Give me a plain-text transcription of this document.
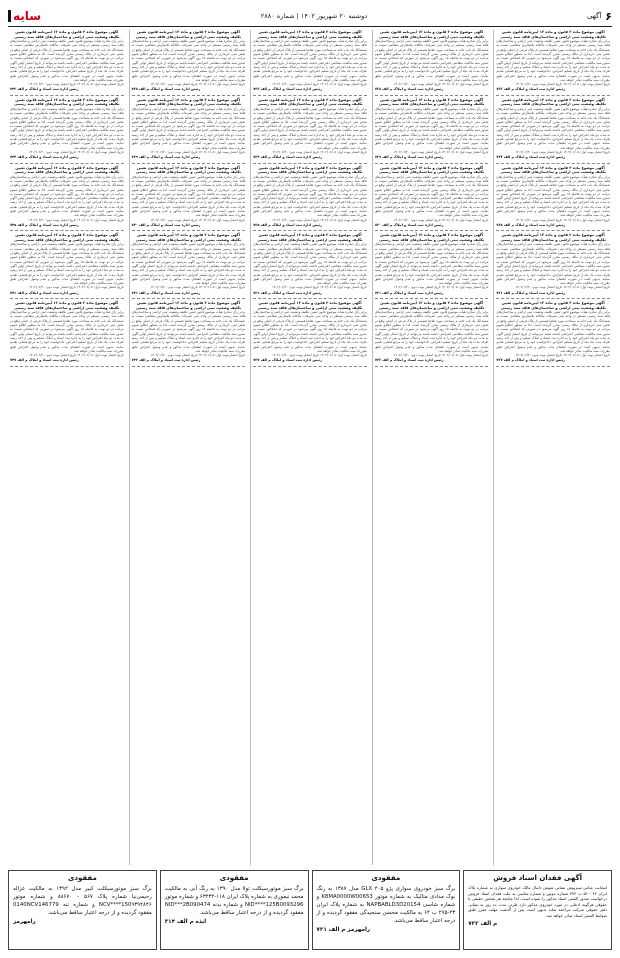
۶
آگهی
دوشنبه ۲۰ شهریور ۱۴۰۲ | شماره ۲۸۸۰
سایه
آگهی موضوع ماده ۳ قانون و ماده ۱۳ آیین‌نامه قانون تعیین تکلیف وضعیت ثبتی اراضی و ساختمان‌های فاقد سند رسمی
برابر رأی صادره هیأت موضوع قانون تعیین تکلیف وضعیت ثبتی اراضی و ساختمان‌های فاقد سند رسمی مستقر در واحد ثبتی تصرفات مالکانه بلامعارض متقاضی نسبت به ششدانگ یک باب خانه به مساحت مورد تقاضا قسمتی از پلاک فرعی از اصلی واقع در بخش ثبتی خریداری از مالک رسمی محرز گردیده است. لذا به منظور اطلاع عموم مراتب در دو نوبت به فاصله ۱۵ روز آگهی می‌شود در صورتی که اشخاص نسبت به صدور سند مالکیت متقاضی اعتراضی داشته باشند می‌توانند از تاریخ انتشار اولین آگهی به مدت دو ماه اعتراض خود را به اداره ثبت اسناد و املاک تسلیم و پس از اخذ رسید ظرف مدت یک ماه از تاریخ تسلیم اعتراض، دادخواست خود را به مرجع قضایی تقدیم نمایند. بدیهی است در صورت انقضای مدت مذکور و عدم وصول اعتراض طبق مقررات سند مالکیت صادر خواهد شد.
تاریخ انتشار نوبت اول: ۱۴۰۲/۰۶/۰۵ تاریخ انتشار نوبت دوم: ۱۴۰۲/۰۶/۲۰
رئیس اداره ثبت اسناد و املاک م الف ۷۲۳
آگهی موضوع ماده ۳ قانون و ماده ۱۳ آیین‌نامه قانون تعیین تکلیف وضعیت ثبتی اراضی و ساختمان‌های فاقد سند رسمی
برابر رأی صادره هیأت موضوع قانون تعیین تکلیف وضعیت ثبتی اراضی و ساختمان‌های فاقد سند رسمی مستقر در واحد ثبتی تصرفات مالکانه بلامعارض متقاضی نسبت به ششدانگ یک باب خانه به مساحت مورد تقاضا قسمتی از پلاک فرعی از اصلی واقع در بخش ثبتی خریداری از مالک رسمی محرز گردیده است. لذا به منظور اطلاع عموم مراتب در دو نوبت به فاصله ۱۵ روز آگهی می‌شود در صورتی که اشخاص نسبت به صدور سند مالکیت متقاضی اعتراضی داشته باشند می‌توانند از تاریخ انتشار اولین آگهی به مدت دو ماه اعتراض خود را به اداره ثبت اسناد و املاک تسلیم و پس از اخذ رسید ظرف مدت یک ماه از تاریخ تسلیم اعتراض، دادخواست خود را به مرجع قضایی تقدیم نمایند. بدیهی است در صورت انقضای مدت مذکور و عدم وصول اعتراض طبق مقررات سند مالکیت صادر خواهد شد.
تاریخ انتشار نوبت اول: ۱۴۰۲/۰۶/۰۵ تاریخ انتشار نوبت دوم: ۱۴۰۲/۰۶/۲۰
رئیس اداره ثبت اسناد و املاک م الف ۷۲۴
آگهی موضوع ماده ۳ قانون و ماده ۱۳ آیین‌نامه قانون تعیین تکلیف وضعیت ثبتی اراضی و ساختمان‌های فاقد سند رسمی
برابر رأی صادره هیأت موضوع قانون تعیین تکلیف وضعیت ثبتی اراضی و ساختمان‌های فاقد سند رسمی مستقر در واحد ثبتی تصرفات مالکانه بلامعارض متقاضی نسبت به ششدانگ یک باب خانه به مساحت مورد تقاضا قسمتی از پلاک فرعی از اصلی واقع در بخش ثبتی خریداری از مالک رسمی محرز گردیده است. لذا به منظور اطلاع عموم مراتب در دو نوبت به فاصله ۱۵ روز آگهی می‌شود در صورتی که اشخاص نسبت به صدور سند مالکیت متقاضی اعتراضی داشته باشند می‌توانند از تاریخ انتشار اولین آگهی به مدت دو ماه اعتراض خود را به اداره ثبت اسناد و املاک تسلیم و پس از اخذ رسید ظرف مدت یک ماه از تاریخ تسلیم اعتراض، دادخواست خود را به مرجع قضایی تقدیم نمایند. بدیهی است در صورت انقضای مدت مذکور و عدم وصول اعتراض طبق مقررات سند مالکیت صادر خواهد شد.
تاریخ انتشار نوبت اول: ۱۴۰۲/۰۶/۰۵ تاریخ انتشار نوبت دوم: ۱۴۰۲/۰۶/۲۰
رئیس اداره ثبت اسناد و املاک م الف ۷۲۵
آگهی موضوع ماده ۳ قانون و ماده ۱۳ آیین‌نامه قانون تعیین تکلیف وضعیت ثبتی اراضی و ساختمان‌های فاقد سند رسمی
برابر رأی صادره هیأت موضوع قانون تعیین تکلیف وضعیت ثبتی اراضی و ساختمان‌های فاقد سند رسمی مستقر در واحد ثبتی تصرفات مالکانه بلامعارض متقاضی نسبت به ششدانگ یک باب خانه به مساحت مورد تقاضا قسمتی از پلاک فرعی از اصلی واقع در بخش ثبتی خریداری از مالک رسمی محرز گردیده است. لذا به منظور اطلاع عموم مراتب در دو نوبت به فاصله ۱۵ روز آگهی می‌شود در صورتی که اشخاص نسبت به صدور سند مالکیت متقاضی اعتراضی داشته باشند می‌توانند از تاریخ انتشار اولین آگهی به مدت دو ماه اعتراض خود را به اداره ثبت اسناد و املاک تسلیم و پس از اخذ رسید ظرف مدت یک ماه از تاریخ تسلیم اعتراض، دادخواست خود را به مرجع قضایی تقدیم نمایند. بدیهی است در صورت انقضای مدت مذکور و عدم وصول اعتراض طبق مقررات سند مالکیت صادر خواهد شد.
تاریخ انتشار نوبت اول: ۱۴۰۲/۰۶/۰۵ تاریخ انتشار نوبت دوم: ۱۴۰۲/۰۶/۲۰
رئیس اداره ثبت اسناد و املاک م الف ۷۲۶
آگهی موضوع ماده ۳ قانون و ماده ۱۳ آیین‌نامه قانون تعیین تکلیف وضعیت ثبتی اراضی و ساختمان‌های فاقد سند رسمی
برابر رأی صادره هیأت موضوع قانون تعیین تکلیف وضعیت ثبتی اراضی و ساختمان‌های فاقد سند رسمی مستقر در واحد ثبتی تصرفات مالکانه بلامعارض متقاضی نسبت به ششدانگ یک باب خانه به مساحت مورد تقاضا قسمتی از پلاک فرعی از اصلی واقع در بخش ثبتی خریداری از مالک رسمی محرز گردیده است. لذا به منظور اطلاع عموم مراتب در دو نوبت به فاصله ۱۵ روز آگهی می‌شود در صورتی که اشخاص نسبت به صدور سند مالکیت متقاضی اعتراضی داشته باشند می‌توانند از تاریخ انتشار اولین آگهی به مدت دو ماه اعتراض خود را به اداره ثبت اسناد و املاک تسلیم و پس از اخذ رسید ظرف مدت یک ماه از تاریخ تسلیم اعتراض، دادخواست خود را به مرجع قضایی تقدیم نمایند. بدیهی است در صورت انقضای مدت مذکور و عدم وصول اعتراض طبق مقررات سند مالکیت صادر خواهد شد.
تاریخ انتشار نوبت اول: ۱۴۰۲/۰۶/۰۵ تاریخ انتشار نوبت دوم: ۱۴۰۲/۰۶/۲۰
رئیس اداره ثبت اسناد و املاک م الف ۷۲۷
آگهی موضوع ماده ۳ قانون و ماده ۱۳ آیین‌نامه قانون تعیین تکلیف وضعیت ثبتی اراضی و ساختمان‌های فاقد سند رسمی
برابر رأی صادره هیأت موضوع قانون تعیین تکلیف وضعیت ثبتی اراضی و ساختمان‌های فاقد سند رسمی مستقر در واحد ثبتی تصرفات مالکانه بلامعارض متقاضی نسبت به ششدانگ یک باب خانه به مساحت مورد تقاضا قسمتی از پلاک فرعی از اصلی واقع در بخش ثبتی خریداری از مالک رسمی محرز گردیده است. لذا به منظور اطلاع عموم مراتب در دو نوبت به فاصله ۱۵ روز آگهی می‌شود در صورتی که اشخاص نسبت به صدور سند مالکیت متقاضی اعتراضی داشته باشند می‌توانند از تاریخ انتشار اولین آگهی به مدت دو ماه اعتراض خود را به اداره ثبت اسناد و املاک تسلیم و پس از اخذ رسید ظرف مدت یک ماه از تاریخ تسلیم اعتراض، دادخواست خود را به مرجع قضایی تقدیم نمایند. بدیهی است در صورت انقضای مدت مذکور و عدم وصول اعتراض طبق مقررات سند مالکیت صادر خواهد شد.
تاریخ انتشار نوبت اول: ۱۴۰۲/۰۶/۰۵ تاریخ انتشار نوبت دوم: ۱۴۰۲/۰۶/۲۰
رئیس اداره ثبت اسناد و املاک م الف ۷۲۸
آگهی موضوع ماده ۳ قانون و ماده ۱۳ آیین‌نامه قانون تعیین تکلیف وضعیت ثبتی اراضی و ساختمان‌های فاقد سند رسمی
برابر رأی صادره هیأت موضوع قانون تعیین تکلیف وضعیت ثبتی اراضی و ساختمان‌های فاقد سند رسمی مستقر در واحد ثبتی تصرفات مالکانه بلامعارض متقاضی نسبت به ششدانگ یک باب خانه به مساحت مورد تقاضا قسمتی از پلاک فرعی از اصلی واقع در بخش ثبتی خریداری از مالک رسمی محرز گردیده است. لذا به منظور اطلاع عموم مراتب در دو نوبت به فاصله ۱۵ روز آگهی می‌شود در صورتی که اشخاص نسبت به صدور سند مالکیت متقاضی اعتراضی داشته باشند می‌توانند از تاریخ انتشار اولین آگهی به مدت دو ماه اعتراض خود را به اداره ثبت اسناد و املاک تسلیم و پس از اخذ رسید ظرف مدت یک ماه از تاریخ تسلیم اعتراض، دادخواست خود را به مرجع قضایی تقدیم نمایند. بدیهی است در صورت انقضای مدت مذکور و عدم وصول اعتراض طبق مقررات سند مالکیت صادر خواهد شد.
تاریخ انتشار نوبت اول: ۱۴۰۲/۰۶/۰۵ تاریخ انتشار نوبت دوم: ۱۴۰۲/۰۶/۲۰
رئیس اداره ثبت اسناد و املاک م الف ۷۲۹
آگهی موضوع ماده ۳ قانون و ماده ۱۳ آیین‌نامه قانون تعیین تکلیف وضعیت ثبتی اراضی و ساختمان‌های فاقد سند رسمی
برابر رأی صادره هیأت موضوع قانون تعیین تکلیف وضعیت ثبتی اراضی و ساختمان‌های فاقد سند رسمی مستقر در واحد ثبتی تصرفات مالکانه بلامعارض متقاضی نسبت به ششدانگ یک باب خانه به مساحت مورد تقاضا قسمتی از پلاک فرعی از اصلی واقع در بخش ثبتی خریداری از مالک رسمی محرز گردیده است. لذا به منظور اطلاع عموم مراتب در دو نوبت به فاصله ۱۵ روز آگهی می‌شود در صورتی که اشخاص نسبت به صدور سند مالکیت متقاضی اعتراضی داشته باشند می‌توانند از تاریخ انتشار اولین آگهی به مدت دو ماه اعتراض خود را به اداره ثبت اسناد و املاک تسلیم و پس از اخذ رسید ظرف مدت یک ماه از تاریخ تسلیم اعتراض، دادخواست خود را به مرجع قضایی تقدیم نمایند. بدیهی است در صورت انقضای مدت مذکور و عدم وصول اعتراض طبق مقررات سند مالکیت صادر خواهد شد.
تاریخ انتشار نوبت اول: ۱۴۰۲/۰۶/۰۵ تاریخ انتشار نوبت دوم: ۱۴۰۲/۰۶/۲۰
رئیس اداره ثبت اسناد و املاک م الف ۷۳۰
آگهی موضوع ماده ۳ قانون و ماده ۱۳ آیین‌نامه قانون تعیین تکلیف وضعیت ثبتی اراضی و ساختمان‌های فاقد سند رسمی
برابر رأی صادره هیأت موضوع قانون تعیین تکلیف وضعیت ثبتی اراضی و ساختمان‌های فاقد سند رسمی مستقر در واحد ثبتی تصرفات مالکانه بلامعارض متقاضی نسبت به ششدانگ یک باب خانه به مساحت مورد تقاضا قسمتی از پلاک فرعی از اصلی واقع در بخش ثبتی خریداری از مالک رسمی محرز گردیده است. لذا به منظور اطلاع عموم مراتب در دو نوبت به فاصله ۱۵ روز آگهی می‌شود در صورتی که اشخاص نسبت به صدور سند مالکیت متقاضی اعتراضی داشته باشند می‌توانند از تاریخ انتشار اولین آگهی به مدت دو ماه اعتراض خود را به اداره ثبت اسناد و املاک تسلیم و پس از اخذ رسید ظرف مدت یک ماه از تاریخ تسلیم اعتراض، دادخواست خود را به مرجع قضایی تقدیم نمایند. بدیهی است در صورت انقضای مدت مذکور و عدم وصول اعتراض طبق مقررات سند مالکیت صادر خواهد شد.
تاریخ انتشار نوبت اول: ۱۴۰۲/۰۶/۰۵ تاریخ انتشار نوبت دوم: ۱۴۰۲/۰۶/۲۰
رئیس اداره ثبت اسناد و املاک م الف ۷۳۱
آگهی موضوع ماده ۳ قانون و ماده ۱۳ آیین‌نامه قانون تعیین تکلیف وضعیت ثبتی اراضی و ساختمان‌های فاقد سند رسمی
برابر رأی صادره هیأت موضوع قانون تعیین تکلیف وضعیت ثبتی اراضی و ساختمان‌های فاقد سند رسمی مستقر در واحد ثبتی تصرفات مالکانه بلامعارض متقاضی نسبت به ششدانگ یک باب خانه به مساحت مورد تقاضا قسمتی از پلاک فرعی از اصلی واقع در بخش ثبتی خریداری از مالک رسمی محرز گردیده است. لذا به منظور اطلاع عموم مراتب در دو نوبت به فاصله ۱۵ روز آگهی می‌شود در صورتی که اشخاص نسبت به صدور سند مالکیت متقاضی اعتراضی داشته باشند می‌توانند از تاریخ انتشار اولین آگهی به مدت دو ماه اعتراض خود را به اداره ثبت اسناد و املاک تسلیم و پس از اخذ رسید ظرف مدت یک ماه از تاریخ تسلیم اعتراض، دادخواست خود را به مرجع قضایی تقدیم نمایند. بدیهی است در صورت انقضای مدت مذکور و عدم وصول اعتراض طبق مقررات سند مالکیت صادر خواهد شد.
تاریخ انتشار نوبت اول: ۱۴۰۲/۰۶/۰۵ تاریخ انتشار نوبت دوم: ۱۴۰۲/۰۶/۲۰
رئیس اداره ثبت اسناد و املاک م الف ۷۳۲
آگهی موضوع ماده ۳ قانون و ماده ۱۳ آیین‌نامه قانون تعیین تکلیف وضعیت ثبتی اراضی و ساختمان‌های فاقد سند رسمی
برابر رأی صادره هیأت موضوع قانون تعیین تکلیف وضعیت ثبتی اراضی و ساختمان‌های فاقد سند رسمی مستقر در واحد ثبتی تصرفات مالکانه بلامعارض متقاضی نسبت به ششدانگ یک باب خانه به مساحت مورد تقاضا قسمتی از پلاک فرعی از اصلی واقع در بخش ثبتی خریداری از مالک رسمی محرز گردیده است. لذا به منظور اطلاع عموم مراتب در دو نوبت به فاصله ۱۵ روز آگهی می‌شود در صورتی که اشخاص نسبت به صدور سند مالکیت متقاضی اعتراضی داشته باشند می‌توانند از تاریخ انتشار اولین آگهی به مدت دو ماه اعتراض خود را به اداره ثبت اسناد و املاک تسلیم و پس از اخذ رسید ظرف مدت یک ماه از تاریخ تسلیم اعتراض، دادخواست خود را به مرجع قضایی تقدیم نمایند. بدیهی است در صورت انقضای مدت مذکور و عدم وصول اعتراض طبق مقررات سند مالکیت صادر خواهد شد.
تاریخ انتشار نوبت اول: ۱۴۰۲/۰۶/۰۵ تاریخ انتشار نوبت دوم: ۱۴۰۲/۰۶/۲۰
رئیس اداره ثبت اسناد و املاک م الف ۷۳۳
آگهی موضوع ماده ۳ قانون و ماده ۱۳ آیین‌نامه قانون تعیین تکلیف وضعیت ثبتی اراضی و ساختمان‌های فاقد سند رسمی
برابر رأی صادره هیأت موضوع قانون تعیین تکلیف وضعیت ثبتی اراضی و ساختمان‌های فاقد سند رسمی مستقر در واحد ثبتی تصرفات مالکانه بلامعارض متقاضی نسبت به ششدانگ یک باب خانه به مساحت مورد تقاضا قسمتی از پلاک فرعی از اصلی واقع در بخش ثبتی خریداری از مالک رسمی محرز گردیده است. لذا به منظور اطلاع عموم مراتب در دو نوبت به فاصله ۱۵ روز آگهی می‌شود در صورتی که اشخاص نسبت به صدور سند مالکیت متقاضی اعتراضی داشته باشند می‌توانند از تاریخ انتشار اولین آگهی به مدت دو ماه اعتراض خود را به اداره ثبت اسناد و املاک تسلیم و پس از اخذ رسید ظرف مدت یک ماه از تاریخ تسلیم اعتراض، دادخواست خود را به مرجع قضایی تقدیم نمایند. بدیهی است در صورت انقضای مدت مذکور و عدم وصول اعتراض طبق مقررات سند مالکیت صادر خواهد شد.
تاریخ انتشار نوبت اول: ۱۴۰۲/۰۶/۰۵ تاریخ انتشار نوبت دوم: ۱۴۰۲/۰۶/۲۰
رئیس اداره ثبت اسناد و املاک م الف ۷۳۴
آگهی موضوع ماده ۳ قانون و ماده ۱۳ آیین‌نامه قانون تعیین تکلیف وضعیت ثبتی اراضی و ساختمان‌های فاقد سند رسمی
برابر رأی صادره هیأت موضوع قانون تعیین تکلیف وضعیت ثبتی اراضی و ساختمان‌های فاقد سند رسمی مستقر در واحد ثبتی تصرفات مالکانه بلامعارض متقاضی نسبت به ششدانگ یک باب خانه به مساحت مورد تقاضا قسمتی از پلاک فرعی از اصلی واقع در بخش ثبتی خریداری از مالک رسمی محرز گردیده است. لذا به منظور اطلاع عموم مراتب در دو نوبت به فاصله ۱۵ روز آگهی می‌شود در صورتی که اشخاص نسبت به صدور سند مالکیت متقاضی اعتراضی داشته باشند می‌توانند از تاریخ انتشار اولین آگهی به مدت دو ماه اعتراض خود را به اداره ثبت اسناد و املاک تسلیم و پس از اخذ رسید ظرف مدت یک ماه از تاریخ تسلیم اعتراض، دادخواست خود را به مرجع قضایی تقدیم نمایند. بدیهی است در صورت انقضای مدت مذکور و عدم وصول اعتراض طبق مقررات سند مالکیت صادر خواهد شد.
تاریخ انتشار نوبت اول: ۱۴۰۲/۰۶/۰۵ تاریخ انتشار نوبت دوم: ۱۴۰۲/۰۶/۲۰
رئیس اداره ثبت اسناد و املاک م الف ۷۳۵
آگهی موضوع ماده ۳ قانون و ماده ۱۳ آیین‌نامه قانون تعیین تکلیف وضعیت ثبتی اراضی و ساختمان‌های فاقد سند رسمی
برابر رأی صادره هیأت موضوع قانون تعیین تکلیف وضعیت ثبتی اراضی و ساختمان‌های فاقد سند رسمی مستقر در واحد ثبتی تصرفات مالکانه بلامعارض متقاضی نسبت به ششدانگ یک باب خانه به مساحت مورد تقاضا قسمتی از پلاک فرعی از اصلی واقع در بخش ثبتی خریداری از مالک رسمی محرز گردیده است. لذا به منظور اطلاع عموم مراتب در دو نوبت به فاصله ۱۵ روز آگهی می‌شود در صورتی که اشخاص نسبت به صدور سند مالکیت متقاضی اعتراضی داشته باشند می‌توانند از تاریخ انتشار اولین آگهی به مدت دو ماه اعتراض خود را به اداره ثبت اسناد و املاک تسلیم و پس از اخذ رسید ظرف مدت یک ماه از تاریخ تسلیم اعتراض، دادخواست خود را به مرجع قضایی تقدیم نمایند. بدیهی است در صورت انقضای مدت مذکور و عدم وصول اعتراض طبق مقررات سند مالکیت صادر خواهد شد.
تاریخ انتشار نوبت اول: ۱۴۰۲/۰۶/۰۵ تاریخ انتشار نوبت دوم: ۱۴۰۲/۰۶/۲۰
رئیس اداره ثبت اسناد و املاک م الف ۷۳۶
آگهی موضوع ماده ۳ قانون و ماده ۱۳ آیین‌نامه قانون تعیین تکلیف وضعیت ثبتی اراضی و ساختمان‌های فاقد سند رسمی
برابر رأی صادره هیأت موضوع قانون تعیین تکلیف وضعیت ثبتی اراضی و ساختمان‌های فاقد سند رسمی مستقر در واحد ثبتی تصرفات مالکانه بلامعارض متقاضی نسبت به ششدانگ یک باب خانه به مساحت مورد تقاضا قسمتی از پلاک فرعی از اصلی واقع در بخش ثبتی خریداری از مالک رسمی محرز گردیده است. لذا به منظور اطلاع عموم مراتب در دو نوبت به فاصله ۱۵ روز آگهی می‌شود در صورتی که اشخاص نسبت به صدور سند مالکیت متقاضی اعتراضی داشته باشند می‌توانند از تاریخ انتشار اولین آگهی به مدت دو ماه اعتراض خود را به اداره ثبت اسناد و املاک تسلیم و پس از اخذ رسید ظرف مدت یک ماه از تاریخ تسلیم اعتراض، دادخواست خود را به مرجع قضایی تقدیم نمایند. بدیهی است در صورت انقضای مدت مذکور و عدم وصول اعتراض طبق مقررات سند مالکیت صادر خواهد شد.
تاریخ انتشار نوبت اول: ۱۴۰۲/۰۶/۰۵ تاریخ انتشار نوبت دوم: ۱۴۰۲/۰۶/۲۰
رئیس اداره ثبت اسناد و املاک م الف ۷۳۷
آگهی موضوع ماده ۳ قانون و ماده ۱۳ آیین‌نامه قانون تعیین تکلیف وضعیت ثبتی اراضی و ساختمان‌های فاقد سند رسمی
برابر رأی صادره هیأت موضوع قانون تعیین تکلیف وضعیت ثبتی اراضی و ساختمان‌های فاقد سند رسمی مستقر در واحد ثبتی تصرفات مالکانه بلامعارض متقاضی نسبت به ششدانگ یک باب خانه به مساحت مورد تقاضا قسمتی از پلاک فرعی از اصلی واقع در بخش ثبتی خریداری از مالک رسمی محرز گردیده است. لذا به منظور اطلاع عموم مراتب در دو نوبت به فاصله ۱۵ روز آگهی می‌شود در صورتی که اشخاص نسبت به صدور سند مالکیت متقاضی اعتراضی داشته باشند می‌توانند از تاریخ انتشار اولین آگهی به مدت دو ماه اعتراض خود را به اداره ثبت اسناد و املاک تسلیم و پس از اخذ رسید ظرف مدت یک ماه از تاریخ تسلیم اعتراض، دادخواست خود را به مرجع قضایی تقدیم نمایند. بدیهی است در صورت انقضای مدت مذکور و عدم وصول اعتراض طبق مقررات سند مالکیت صادر خواهد شد.
تاریخ انتشار نوبت اول: ۱۴۰۲/۰۶/۰۵ تاریخ انتشار نوبت دوم: ۱۴۰۲/۰۶/۲۰
رئیس اداره ثبت اسناد و املاک م الف ۷۳۸
آگهی موضوع ماده ۳ قانون و ماده ۱۳ آیین‌نامه قانون تعیین تکلیف وضعیت ثبتی اراضی و ساختمان‌های فاقد سند رسمی
برابر رأی صادره هیأت موضوع قانون تعیین تکلیف وضعیت ثبتی اراضی و ساختمان‌های فاقد سند رسمی مستقر در واحد ثبتی تصرفات مالکانه بلامعارض متقاضی نسبت به ششدانگ یک باب خانه به مساحت مورد تقاضا قسمتی از پلاک فرعی از اصلی واقع در بخش ثبتی خریداری از مالک رسمی محرز گردیده است. لذا به منظور اطلاع عموم مراتب در دو نوبت به فاصله ۱۵ روز آگهی می‌شود در صورتی که اشخاص نسبت به صدور سند مالکیت متقاضی اعتراضی داشته باشند می‌توانند از تاریخ انتشار اولین آگهی به مدت دو ماه اعتراض خود را به اداره ثبت اسناد و املاک تسلیم و پس از اخذ رسید ظرف مدت یک ماه از تاریخ تسلیم اعتراض، دادخواست خود را به مرجع قضایی تقدیم نمایند. بدیهی است در صورت انقضای مدت مذکور و عدم وصول اعتراض طبق مقررات سند مالکیت صادر خواهد شد.
تاریخ انتشار نوبت اول: ۱۴۰۲/۰۶/۰۵ تاریخ انتشار نوبت دوم: ۱۴۰۲/۰۶/۲۰
رئیس اداره ثبت اسناد و املاک م الف ۷۳۹
آگهی موضوع ماده ۳ قانون و ماده ۱۳ آیین‌نامه قانون تعیین تکلیف وضعیت ثبتی اراضی و ساختمان‌های فاقد سند رسمی
برابر رأی صادره هیأت موضوع قانون تعیین تکلیف وضعیت ثبتی اراضی و ساختمان‌های فاقد سند رسمی مستقر در واحد ثبتی تصرفات مالکانه بلامعارض متقاضی نسبت به ششدانگ یک باب خانه به مساحت مورد تقاضا قسمتی از پلاک فرعی از اصلی واقع در بخش ثبتی خریداری از مالک رسمی محرز گردیده است. لذا به منظور اطلاع عموم مراتب در دو نوبت به فاصله ۱۵ روز آگهی می‌شود در صورتی که اشخاص نسبت به صدور سند مالکیت متقاضی اعتراضی داشته باشند می‌توانند از تاریخ انتشار اولین آگهی به مدت دو ماه اعتراض خود را به اداره ثبت اسناد و املاک تسلیم و پس از اخذ رسید ظرف مدت یک ماه از تاریخ تسلیم اعتراض، دادخواست خود را به مرجع قضایی تقدیم نمایند. بدیهی است در صورت انقضای مدت مذکور و عدم وصول اعتراض طبق مقررات سند مالکیت صادر خواهد شد.
تاریخ انتشار نوبت اول: ۱۴۰۲/۰۶/۰۵ تاریخ انتشار نوبت دوم: ۱۴۰۲/۰۶/۲۰
رئیس اداره ثبت اسناد و املاک م الف ۷۴۰
آگهی موضوع ماده ۳ قانون و ماده ۱۳ آیین‌نامه قانون تعیین تکلیف وضعیت ثبتی اراضی و ساختمان‌های فاقد سند رسمی
برابر رأی صادره هیأت موضوع قانون تعیین تکلیف وضعیت ثبتی اراضی و ساختمان‌های فاقد سند رسمی مستقر در واحد ثبتی تصرفات مالکانه بلامعارض متقاضی نسبت به ششدانگ یک باب خانه به مساحت مورد تقاضا قسمتی از پلاک فرعی از اصلی واقع در بخش ثبتی خریداری از مالک رسمی محرز گردیده است. لذا به منظور اطلاع عموم مراتب در دو نوبت به فاصله ۱۵ روز آگهی می‌شود در صورتی که اشخاص نسبت به صدور سند مالکیت متقاضی اعتراضی داشته باشند می‌توانند از تاریخ انتشار اولین آگهی به مدت دو ماه اعتراض خود را به اداره ثبت اسناد و املاک تسلیم و پس از اخذ رسید ظرف مدت یک ماه از تاریخ تسلیم اعتراض، دادخواست خود را به مرجع قضایی تقدیم نمایند. بدیهی است در صورت انقضای مدت مذکور و عدم وصول اعتراض طبق مقررات سند مالکیت صادر خواهد شد.
تاریخ انتشار نوبت اول: ۱۴۰۲/۰۶/۰۵ تاریخ انتشار نوبت دوم: ۱۴۰۲/۰۶/۲۰
رئیس اداره ثبت اسناد و املاک م الف ۷۴۱
آگهی موضوع ماده ۳ قانون و ماده ۱۳ آیین‌نامه قانون تعیین تکلیف وضعیت ثبتی اراضی و ساختمان‌های فاقد سند رسمی
برابر رأی صادره هیأت موضوع قانون تعیین تکلیف وضعیت ثبتی اراضی و ساختمان‌های فاقد سند رسمی مستقر در واحد ثبتی تصرفات مالکانه بلامعارض متقاضی نسبت به ششدانگ یک باب خانه به مساحت مورد تقاضا قسمتی از پلاک فرعی از اصلی واقع در بخش ثبتی خریداری از مالک رسمی محرز گردیده است. لذا به منظور اطلاع عموم مراتب در دو نوبت به فاصله ۱۵ روز آگهی می‌شود در صورتی که اشخاص نسبت به صدور سند مالکیت متقاضی اعتراضی داشته باشند می‌توانند از تاریخ انتشار اولین آگهی به مدت دو ماه اعتراض خود را به اداره ثبت اسناد و املاک تسلیم و پس از اخذ رسید ظرف مدت یک ماه از تاریخ تسلیم اعتراض، دادخواست خود را به مرجع قضایی تقدیم نمایند. بدیهی است در صورت انقضای مدت مذکور و عدم وصول اعتراض طبق مقررات سند مالکیت صادر خواهد شد.
تاریخ انتشار نوبت اول: ۱۴۰۲/۰۶/۰۵ تاریخ انتشار نوبت دوم: ۱۴۰۲/۰۶/۲۰
رئیس اداره ثبت اسناد و املاک م الف ۷۴۲
آگهی موضوع ماده ۳ قانون و ماده ۱۳ آیین‌نامه قانون تعیین تکلیف وضعیت ثبتی اراضی و ساختمان‌های فاقد سند رسمی
برابر رأی صادره هیأت موضوع قانون تعیین تکلیف وضعیت ثبتی اراضی و ساختمان‌های فاقد سند رسمی مستقر در واحد ثبتی تصرفات مالکانه بلامعارض متقاضی نسبت به ششدانگ یک باب خانه به مساحت مورد تقاضا قسمتی از پلاک فرعی از اصلی واقع در بخش ثبتی خریداری از مالک رسمی محرز گردیده است. لذا به منظور اطلاع عموم مراتب در دو نوبت به فاصله ۱۵ روز آگهی می‌شود در صورتی که اشخاص نسبت به صدور سند مالکیت متقاضی اعتراضی داشته باشند می‌توانند از تاریخ انتشار اولین آگهی به مدت دو ماه اعتراض خود را به اداره ثبت اسناد و املاک تسلیم و پس از اخذ رسید ظرف مدت یک ماه از تاریخ تسلیم اعتراض، دادخواست خود را به مرجع قضایی تقدیم نمایند. بدیهی است در صورت انقضای مدت مذکور و عدم وصول اعتراض طبق مقررات سند مالکیت صادر خواهد شد.
تاریخ انتشار نوبت اول: ۱۴۰۲/۰۶/۰۵ تاریخ انتشار نوبت دوم: ۱۴۰۲/۰۶/۲۰
رئیس اداره ثبت اسناد و املاک م الف ۷۴۳
آگهی موضوع ماده ۳ قانون و ماده ۱۳ آیین‌نامه قانون تعیین تکلیف وضعیت ثبتی اراضی و ساختمان‌های فاقد سند رسمی
برابر رأی صادره هیأت موضوع قانون تعیین تکلیف وضعیت ثبتی اراضی و ساختمان‌های فاقد سند رسمی مستقر در واحد ثبتی تصرفات مالکانه بلامعارض متقاضی نسبت به ششدانگ یک باب خانه به مساحت مورد تقاضا قسمتی از پلاک فرعی از اصلی واقع در بخش ثبتی خریداری از مالک رسمی محرز گردیده است. لذا به منظور اطلاع عموم مراتب در دو نوبت به فاصله ۱۵ روز آگهی می‌شود در صورتی که اشخاص نسبت به صدور سند مالکیت متقاضی اعتراضی داشته باشند می‌توانند از تاریخ انتشار اولین آگهی به مدت دو ماه اعتراض خود را به اداره ثبت اسناد و املاک تسلیم و پس از اخذ رسید ظرف مدت یک ماه از تاریخ تسلیم اعتراض، دادخواست خود را به مرجع قضایی تقدیم نمایند. بدیهی است در صورت انقضای مدت مذکور و عدم وصول اعتراض طبق مقررات سند مالکیت صادر خواهد شد.
تاریخ انتشار نوبت اول: ۱۴۰۲/۰۶/۰۵ تاریخ انتشار نوبت دوم: ۱۴۰۲/۰۶/۲۰
رئیس اداره ثبت اسناد و املاک م الف ۷۴۴
آگهی موضوع ماده ۳ قانون و ماده ۱۳ آیین‌نامه قانون تعیین تکلیف وضعیت ثبتی اراضی و ساختمان‌های فاقد سند رسمی
برابر رأی صادره هیأت موضوع قانون تعیین تکلیف وضعیت ثبتی اراضی و ساختمان‌های فاقد سند رسمی مستقر در واحد ثبتی تصرفات مالکانه بلامعارض متقاضی نسبت به ششدانگ یک باب خانه به مساحت مورد تقاضا قسمتی از پلاک فرعی از اصلی واقع در بخش ثبتی خریداری از مالک رسمی محرز گردیده است. لذا به منظور اطلاع عموم مراتب در دو نوبت به فاصله ۱۵ روز آگهی می‌شود در صورتی که اشخاص نسبت به صدور سند مالکیت متقاضی اعتراضی داشته باشند می‌توانند از تاریخ انتشار اولین آگهی به مدت دو ماه اعتراض خود را به اداره ثبت اسناد و املاک تسلیم و پس از اخذ رسید ظرف مدت یک ماه از تاریخ تسلیم اعتراض، دادخواست خود را به مرجع قضایی تقدیم نمایند. بدیهی است در صورت انقضای مدت مذکور و عدم وصول اعتراض طبق مقررات سند مالکیت صادر خواهد شد.
تاریخ انتشار نوبت اول: ۱۴۰۲/۰۶/۰۵ تاریخ انتشار نوبت دوم: ۱۴۰۲/۰۶/۲۰
رئیس اداره ثبت اسناد و املاک م الف ۷۴۵
آگهی موضوع ماده ۳ قانون و ماده ۱۳ آیین‌نامه قانون تعیین تکلیف وضعیت ثبتی اراضی و ساختمان‌های فاقد سند رسمی
برابر رأی صادره هیأت موضوع قانون تعیین تکلیف وضعیت ثبتی اراضی و ساختمان‌های فاقد سند رسمی مستقر در واحد ثبتی تصرفات مالکانه بلامعارض متقاضی نسبت به ششدانگ یک باب خانه به مساحت مورد تقاضا قسمتی از پلاک فرعی از اصلی واقع در بخش ثبتی خریداری از مالک رسمی محرز گردیده است. لذا به منظور اطلاع عموم مراتب در دو نوبت به فاصله ۱۵ روز آگهی می‌شود در صورتی که اشخاص نسبت به صدور سند مالکیت متقاضی اعتراضی داشته باشند می‌توانند از تاریخ انتشار اولین آگهی به مدت دو ماه اعتراض خود را به اداره ثبت اسناد و املاک تسلیم و پس از اخذ رسید ظرف مدت یک ماه از تاریخ تسلیم اعتراض، دادخواست خود را به مرجع قضایی تقدیم نمایند. بدیهی است در صورت انقضای مدت مذکور و عدم وصول اعتراض طبق مقررات سند مالکیت صادر خواهد شد.
تاریخ انتشار نوبت اول: ۱۴۰۲/۰۶/۰۵ تاریخ انتشار نوبت دوم: ۱۴۰۲/۰۶/۲۰
رئیس اداره ثبت اسناد و املاک م الف ۷۴۶
آگهی موضوع ماده ۳ قانون و ماده ۱۳ آیین‌نامه قانون تعیین تکلیف وضعیت ثبتی اراضی و ساختمان‌های فاقد سند رسمی
برابر رأی صادره هیأت موضوع قانون تعیین تکلیف وضعیت ثبتی اراضی و ساختمان‌های فاقد سند رسمی مستقر در واحد ثبتی تصرفات مالکانه بلامعارض متقاضی نسبت به ششدانگ یک باب خانه به مساحت مورد تقاضا قسمتی از پلاک فرعی از اصلی واقع در بخش ثبتی خریداری از مالک رسمی محرز گردیده است. لذا به منظور اطلاع عموم مراتب در دو نوبت به فاصله ۱۵ روز آگهی می‌شود در صورتی که اشخاص نسبت به صدور سند مالکیت متقاضی اعتراضی داشته باشند می‌توانند از تاریخ انتشار اولین آگهی به مدت دو ماه اعتراض خود را به اداره ثبت اسناد و املاک تسلیم و پس از اخذ رسید ظرف مدت یک ماه از تاریخ تسلیم اعتراض، دادخواست خود را به مرجع قضایی تقدیم نمایند. بدیهی است در صورت انقضای مدت مذکور و عدم وصول اعتراض طبق مقررات سند مالکیت صادر خواهد شد.
تاریخ انتشار نوبت اول: ۱۴۰۲/۰۶/۰۵ تاریخ انتشار نوبت دوم: ۱۴۰۲/۰۶/۲۰
رئیس اداره ثبت اسناد و املاک م الف ۷۴۷
مفقودی
برگ سبز موتورسیکلت کبیر مدل ۱۳۹۲ به مالکیت غزاله رحیمی‌نیا شماره پلاک ۵۶۷ - ۸۸۶۷۰ و شماره موتور NCV****150۹۳۹۴۸۴۶ و شماره تنه 0140NCV146779 مفقود گردیده و از درجه اعتبار ساقط می‌باشد.
رامهرمز
مفقودی
برگ سبز موتورسیکلت تولا مدل ۱۳۹۰ به رنگ آبی به مالکیت محمد نیموری به شماره پلاک ایران ۱۱۸-۶۳۴۳۲ و شماره موتور NID****125B0093296 و شماره بدنه NID***2B090474 مفقود گردیده و از درجه اعتبار ساقط می‌باشد.
ایذه م الف ۳۱۴
مفقودی
برگ سبز خودروی سواری پژو ۴۰۵ GLX مدل ۱۳۸۷ به رنگ نوک مدادی متالیک به شماره موتور K8MA0000W00653 و شماره شاسی NAPBABLD3D20154 به شماره پلاک ایران ۲۳-۲۷۵ ب ۶۴ به مالکیت محسن سنجیدگی مفقود گردیده و از درجه اعتبار ساقط می‌باشد.
رامهرمز م الف ۷۲۱
آگهی فقدان اسناد فروش
اینجانب عباس سبزپوش نشانی شوش دانیال مالک خودروی سواری به شماره پلاک ایران ۴۴ - ۵۶ ب ۳۷۳ شماره موتور و شماره شاسی به علت فقدان اسناد فروش درخواست صدور المثنی اسناد مذکور را نموده است. لذا چنانچه هر شخص حقیقی یا حقوقی هرگونه ادعایی در مورد خودروی مذکور دارد ظرف مدت ده روز به نشانی دفتر حقوقی شرکت مراجعه نماید بدیهی است پس از گذشت مهلت مقرر طبق ضوابط المثنی اسناد صادر خواهد شد.
م الف ۷۲۲
